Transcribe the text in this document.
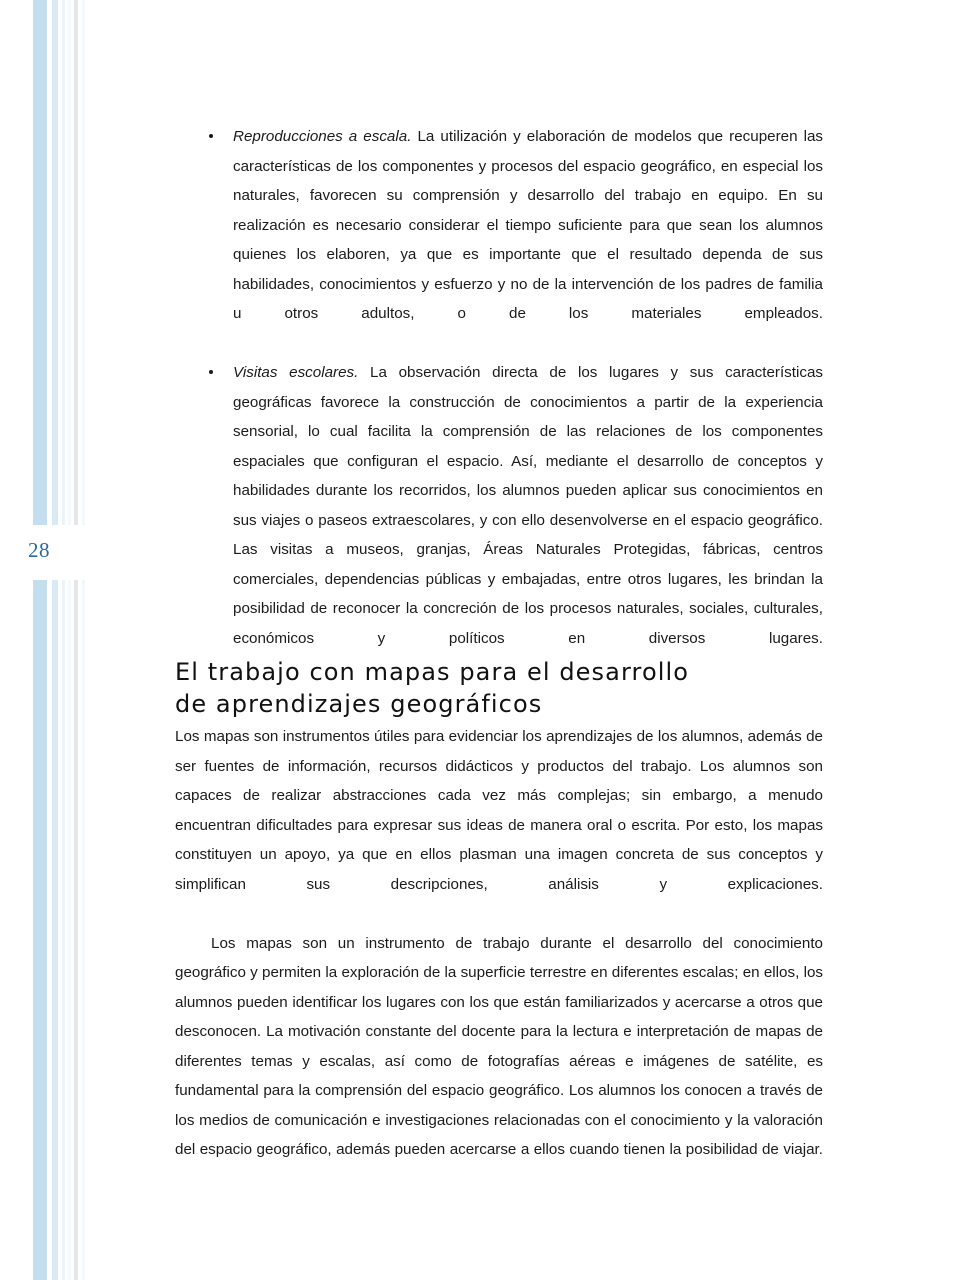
28
Reproducciones a escala. La utilización y elaboración de modelos que recuperen las características de los componentes y procesos del espacio geográfico, en especial los naturales, favorecen su comprensión y desarrollo del trabajo en equipo. En su realización es necesario considerar el tiempo suficiente para que sean los alumnos quienes los elaboren, ya que es importante que el resultado dependa de sus habilidades, conocimientos y esfuerzo y no de la intervención de los padres de familia u otros adultos, o de los materiales empleados.
Visitas escolares. La observación directa de los lugares y sus características geográficas favorece la construcción de conocimientos a partir de la experiencia sensorial, lo cual facilita la comprensión de las relaciones de los componentes espaciales que configuran el espacio. Así, mediante el desarrollo de conceptos y habilidades durante los recorridos, los alumnos pueden aplicar sus conocimientos en sus viajes o paseos extraescolares, y con ello desenvolverse en el espacio geográfico. Las visitas a museos, granjas, Áreas Naturales Protegidas, fábricas, centros comerciales, dependencias públicas y embajadas, entre otros lugares, les brindan la posibilidad de reconocer la concreción de los procesos naturales, sociales, culturales, económicos y políticos en diversos lugares.
El trabajo con mapas para el desarrollo
de aprendizajes geográficos

Los mapas son instrumentos útiles para evidenciar los aprendizajes de los alumnos, además de ser fuentes de información, recursos didácticos y productos del trabajo. Los alumnos son capaces de realizar abstracciones cada vez más complejas; sin embargo, a menudo encuentran dificultades para expresar sus ideas de manera oral o escrita. Por esto, los mapas constituyen un apoyo, ya que en ellos plasman una imagen concreta de sus conceptos y simplifican sus descripciones, análisis y explicaciones.

Los mapas son un instrumento de trabajo durante el desarrollo del conocimiento geográfico y permiten la exploración de la superficie terrestre en diferentes escalas; en ellos, los alumnos pueden identificar los lugares con los que están familiarizados y acercarse a otros que desconocen. La motivación constante del docente para la lectura e interpretación de mapas de diferentes temas y escalas, así como de fotografías aéreas e imágenes de satélite, es fundamental para la comprensión del espacio geográfico. Los alumnos los conocen a través de los medios de comunicación e investigaciones relacionadas con el conocimiento y la valoración del espacio geográfico, además pueden acercarse a ellos cuando tienen la posibilidad de viajar.
